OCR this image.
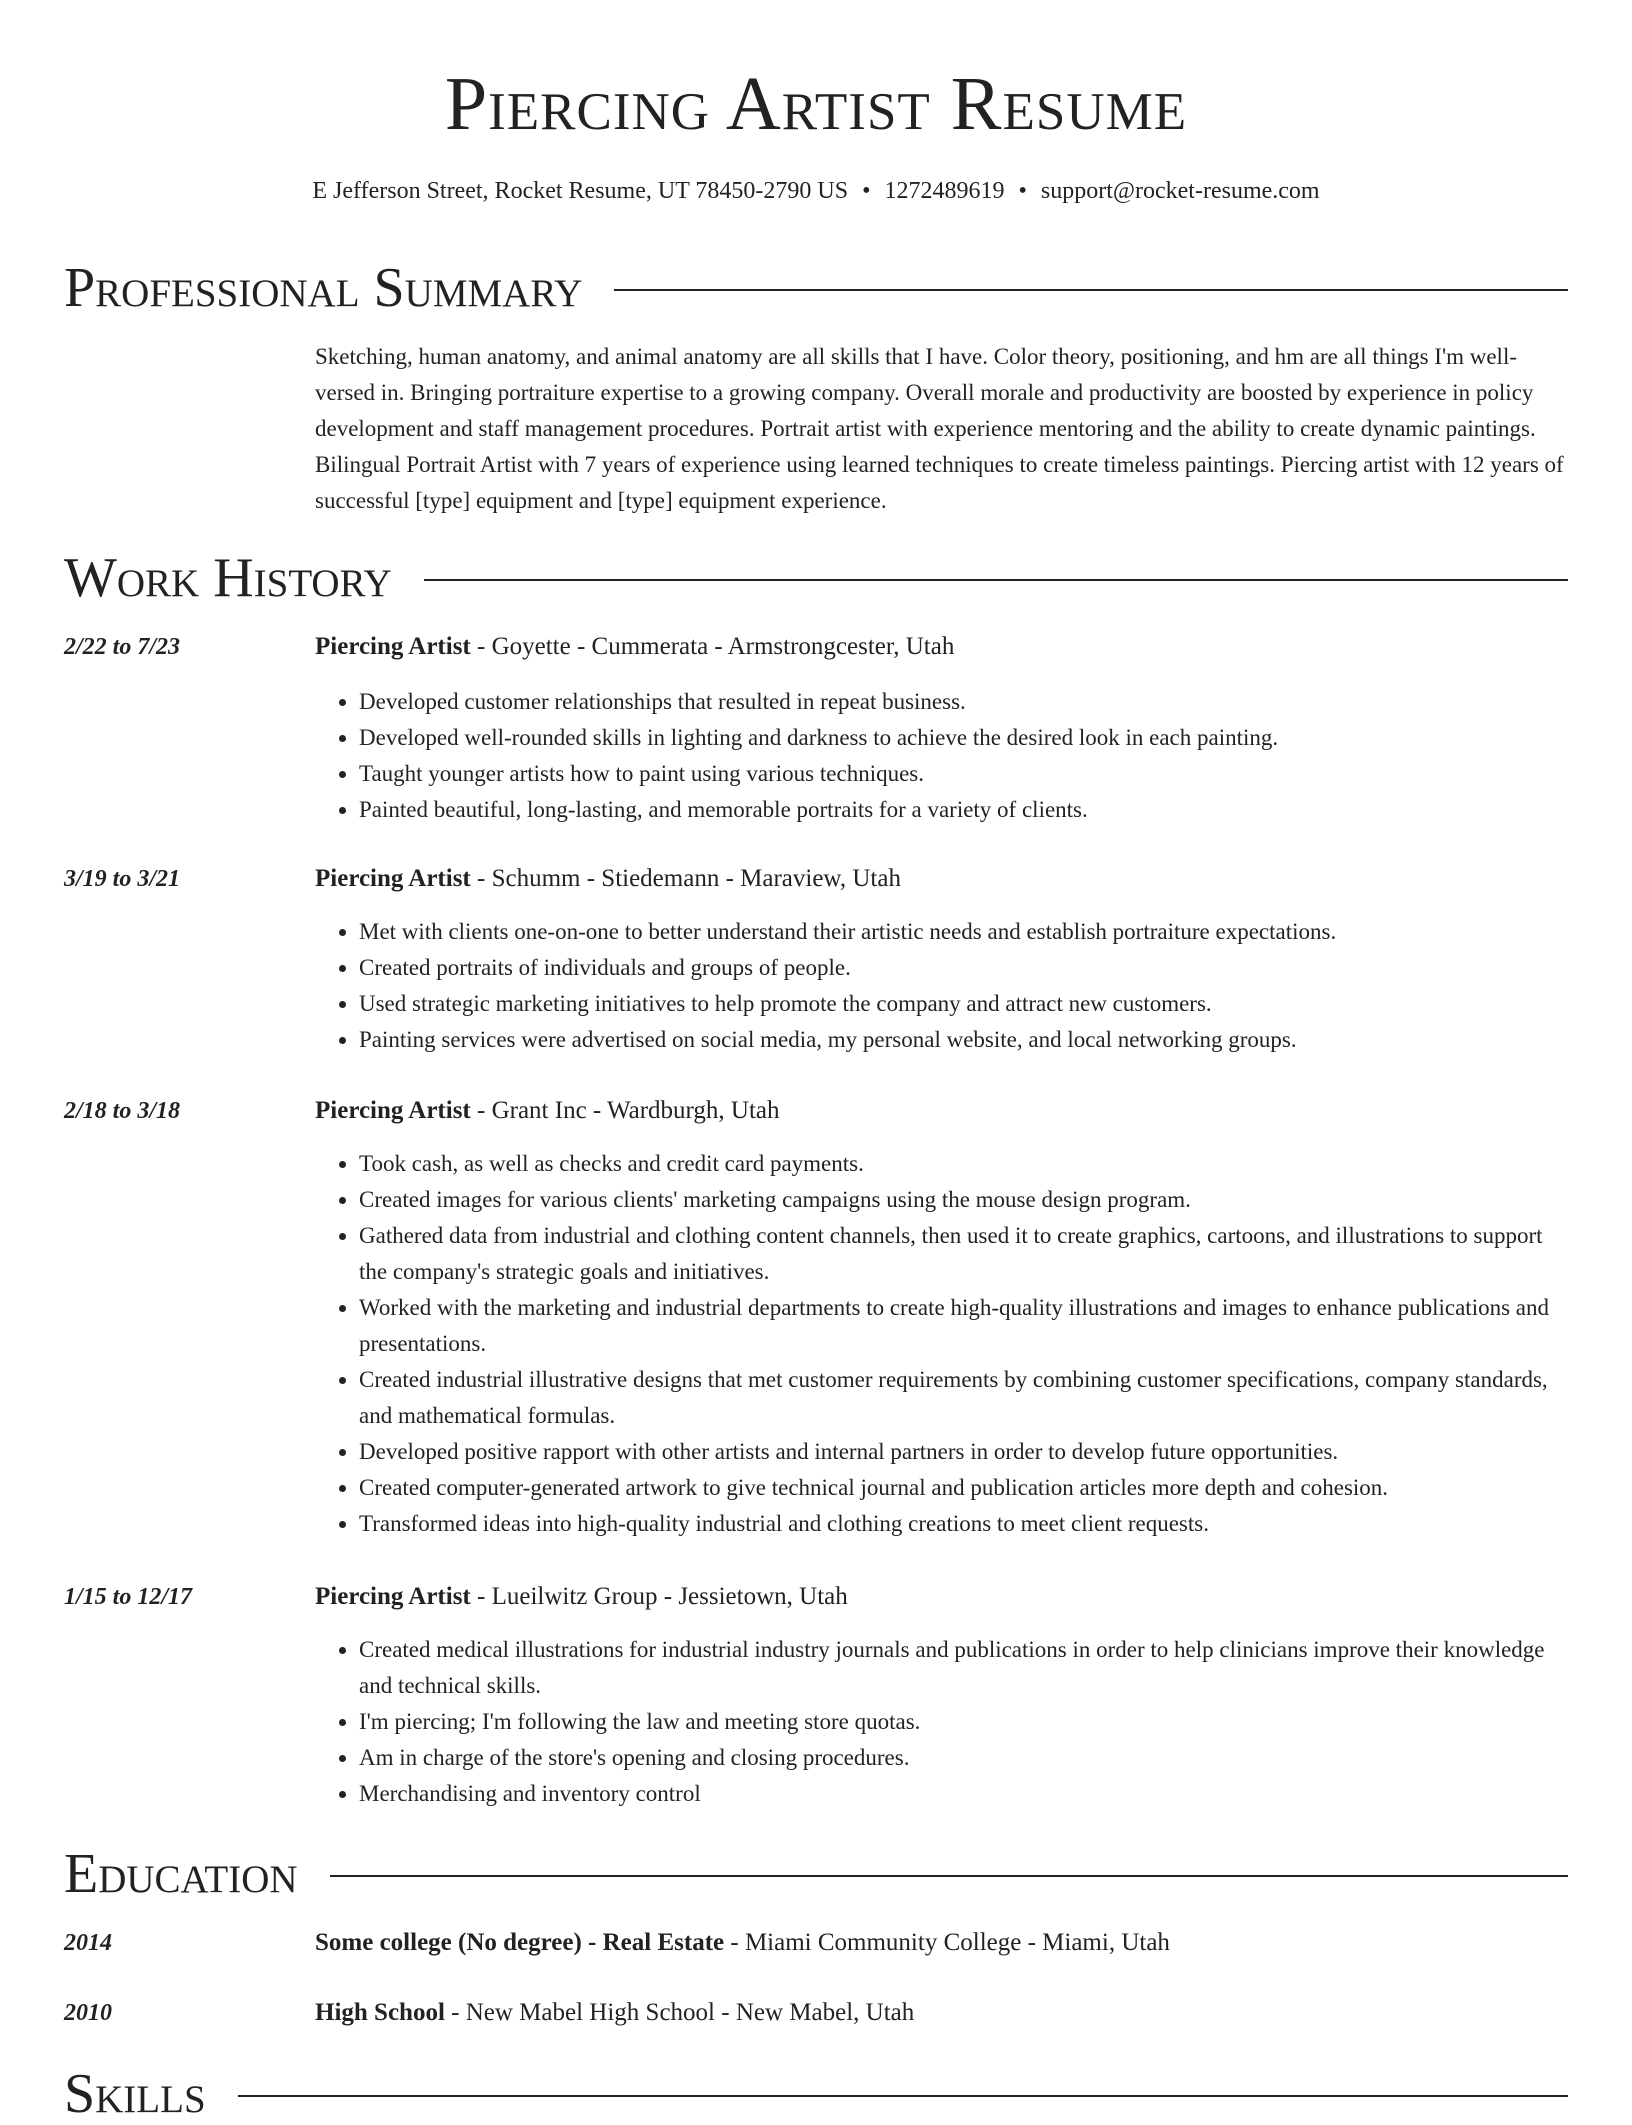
Piercing Artist Resume
E Jefferson Street, Rocket Resume, UT 78450-2790 US • 1272489619 • support@rocket-resume.com
Professional Summary

Sketching, human anatomy, and animal anatomy are all skills that I have. Color theory, positioning, and hm are all things I'm well-versed in. Bringing portraiture expertise to a growing company. Overall morale and productivity are boosted by experience in policy development and staff management procedures. Portrait artist with experience mentoring and the ability to create dynamic paintings. Bilingual Portrait Artist with 7 years of experience using learned techniques to create timeless paintings. Piercing artist with 12 years of successful [type] equipment and [type] equipment experience.

Work History
2/22 to 7/23	Piercing Artist - Goyette - Cummerata - Armstrongcester, Utah
• Developed customer relationships that resulted in repeat business.
• Developed well-rounded skills in lighting and darkness to achieve the desired look in each painting.
• Taught younger artists how to paint using various techniques.
• Painted beautiful, long-lasting, and memorable portraits for a variety of clients.
3/19 to 3/21	Piercing Artist - Schumm - Stiedemann - Maraview, Utah
• Met with clients one-on-one to better understand their artistic needs and establish portraiture expectations.
• Created portraits of individuals and groups of people.
• Used strategic marketing initiatives to help promote the company and attract new customers.
• Painting services were advertised on social media, my personal website, and local networking groups.
2/18 to 3/18	Piercing Artist - Grant Inc - Wardburgh, Utah
• Took cash, as well as checks and credit card payments.
• Created images for various clients' marketing campaigns using the mouse design program.
• Gathered data from industrial and clothing content channels, then used it to create graphics, cartoons, and illustrations to support the company's strategic goals and initiatives.
• Worked with the marketing and industrial departments to create high-quality illustrations and images to enhance publications and presentations.
• Created industrial illustrative designs that met customer requirements by combining customer specifications, company standards, and mathematical formulas.
• Developed positive rapport with other artists and internal partners in order to develop future opportunities.
• Created computer-generated artwork to give technical journal and publication articles more depth and cohesion.
• Transformed ideas into high-quality industrial and clothing creations to meet client requests.
1/15 to 12/17	Piercing Artist - Lueilwitz Group - Jessietown, Utah
• Created medical illustrations for industrial industry journals and publications in order to help clinicians improve their knowledge and technical skills.
• I'm piercing; I'm following the law and meeting store quotas.
• Am in charge of the store's opening and closing procedures.
• Merchandising and inventory control
Education
2014	Some college (No degree) - Real Estate - Miami Community College - Miami, Utah
2010	High School - New Mabel High School - New Mabel, Utah
Skills
